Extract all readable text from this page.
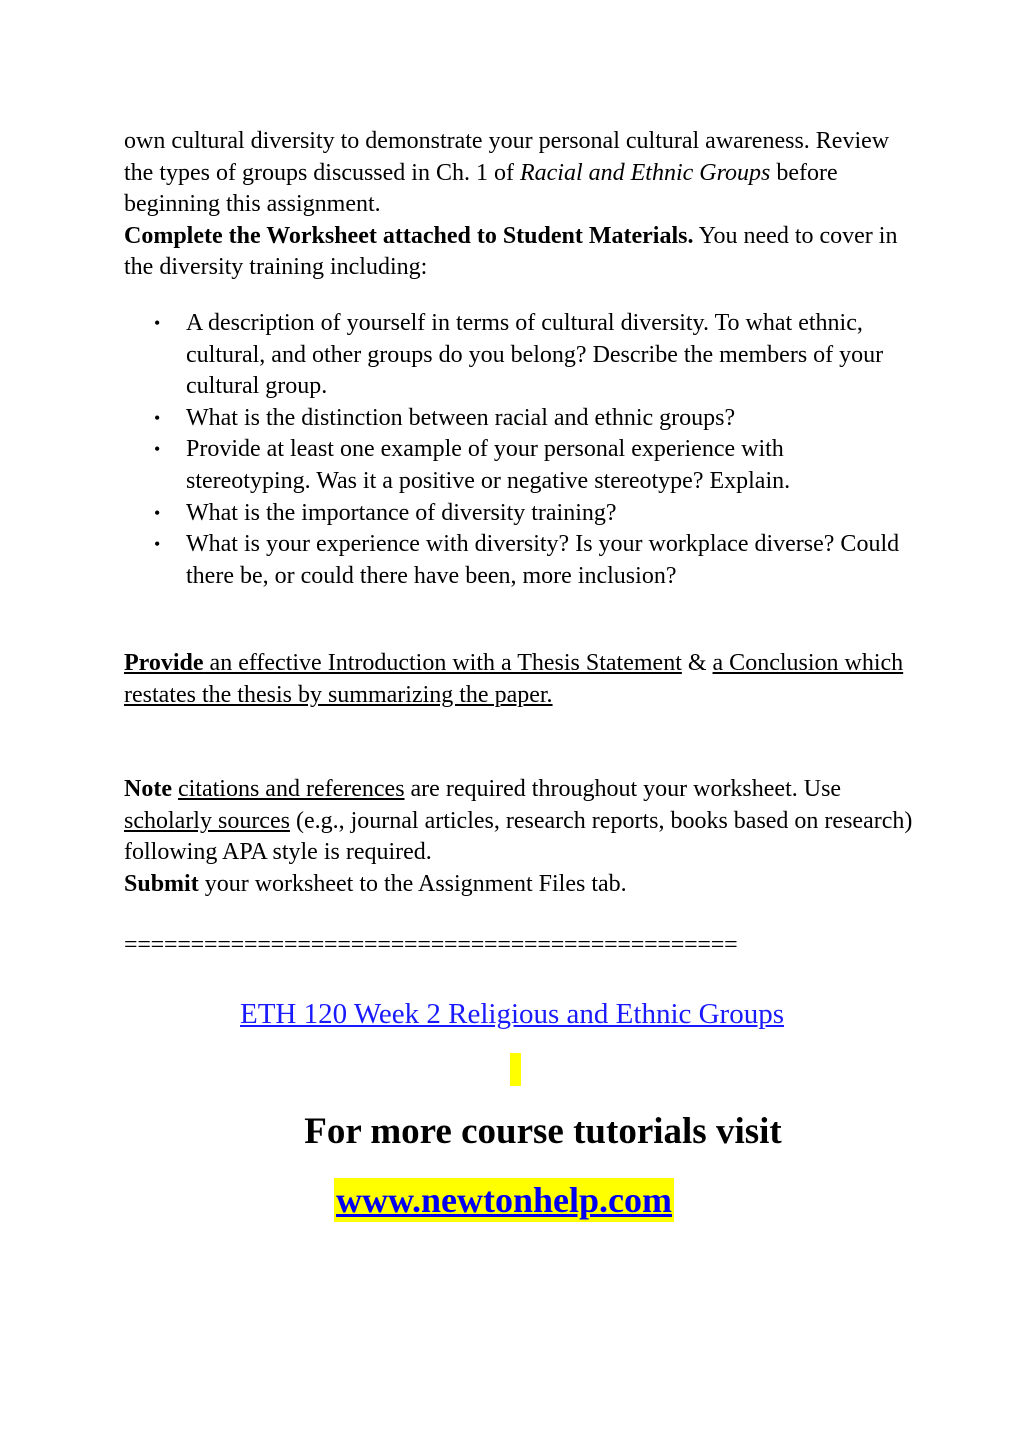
own cultural diversity to demonstrate your personal cultural awareness. Review the types of groups discussed in Ch. 1 of Racial and Ethnic Groups before beginning this assignment.
Complete the Worksheet attached to Student Materials. You need to cover in the diversity training including:
• A description of yourself in terms of cultural diversity. To what ethnic, cultural, and other groups do you belong? Describe the members of your cultural group.
• What is the distinction between racial and ethnic groups?
• Provide at least one example of your personal experience with stereotyping. Was it a positive or negative stereotype? Explain.
• What is the importance of diversity training?
• What is your experience with diversity? Is your workplace diverse? Could there be, or could there have been, more inclusion?
Provide an effective Introduction with a Thesis Statement & a Conclusion which restates the thesis by summarizing the paper.
Note citations and references are required throughout your worksheet. Use scholarly sources (e.g., journal articles, research reports, books based on research) following APA style is required.
Submit your worksheet to the Assignment Files tab.
==============================================
ETH 120 Week 2 Religious and Ethnic Groups
For more course tutorials visit
www.newtonhelp.com
